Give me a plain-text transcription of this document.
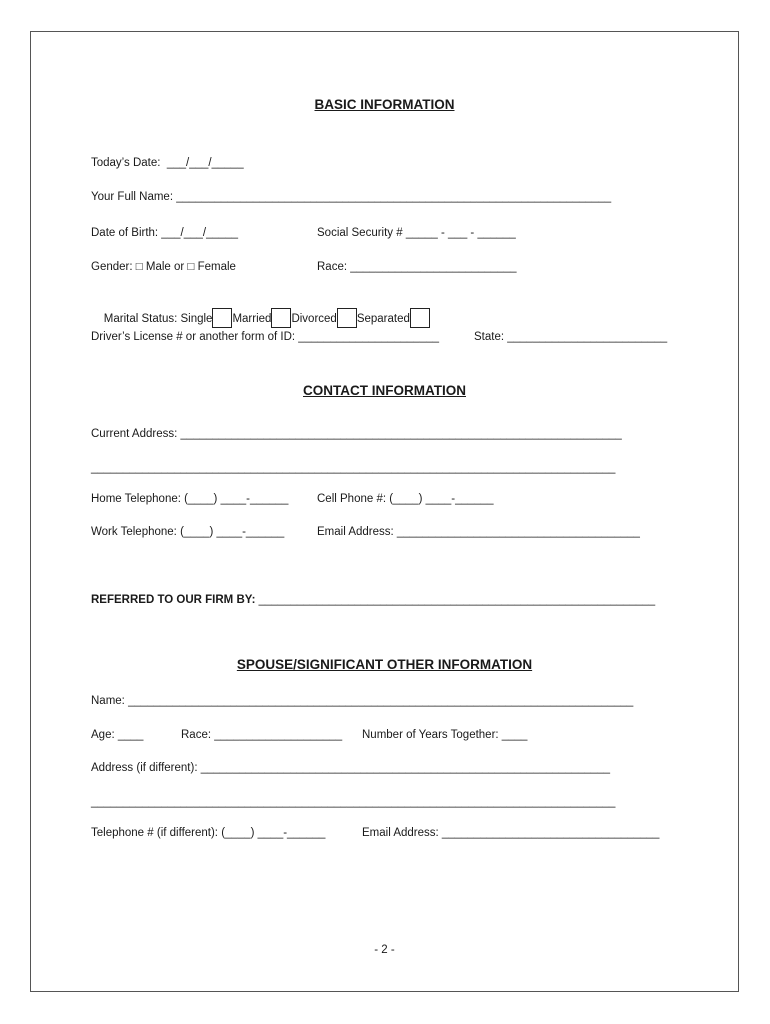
BASIC INFORMATION
Today’s Date:  ___/___/_____
Your Full Name: ____________________________________________________________________
Date of Birth: ___/___/_____	Social Security # _____ - ___ - ______
Gender: □ Male or □ Female	Race: __________________________

Marital Status: Single Married Divorced Separated

Driver’s License # or another form of ID: ______________________	State: _________________________
CONTACT INFORMATION
Current Address: _____________________________________________________________________
__________________________________________________________________________________
Home Telephone: (____) ____-______ Cell Phone #: (____) ____-______
Work Telephone: (____) ____-______	Email Address: ______________________________________
REFERRED TO OUR FIRM BY: ______________________________________________________________
SPOUSE/SIGNIFICANT OTHER INFORMATION
Name: _______________________________________________________________________________
Age: ____	Race: ____________________ Number of Years Together: ____
Address (if different): ________________________________________________________________
__________________________________________________________________________________
Telephone # (if different): (____) ____-______	Email Address: __________________________________
- 2 -
